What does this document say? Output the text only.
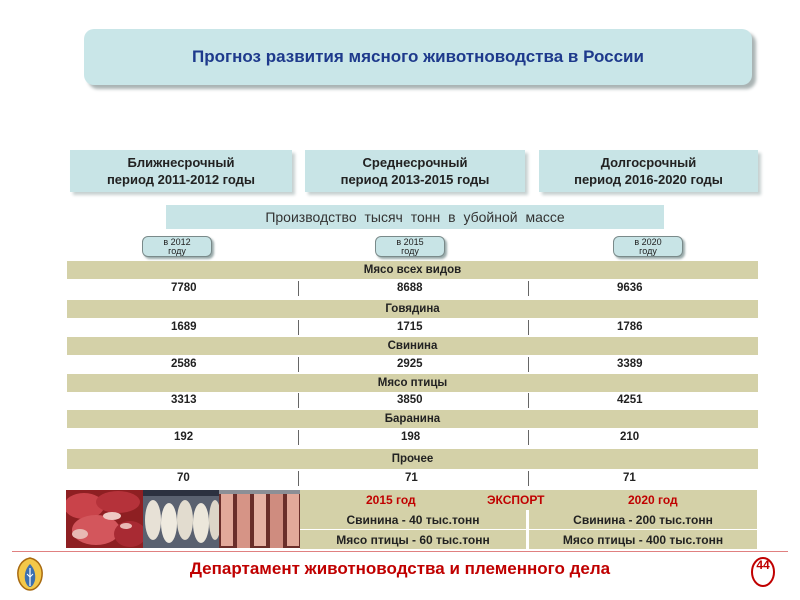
Прогноз развития мясного животноводства в России
Ближнесрочный
период 2011-2012 годы
Среднесрочный
период 2013-2015 годы
Долгосрочный
период 2016-2020 годы
Производство тысяч тонн в убойной массе
в 2012
году
в 2015
году
в 2020
году
Мясо всех видов
7780	8688	9636
Говядина
1689	1715	1786
Свинина
2586	2925	3389
Мясо птицы
3313	3850	4251
Баранина
192	198	210
Прочее
70	71	71
2015 год	ЭКСПОРТ	2020 год
Свинина - 40 тыс.тонн	Свинина - 200 тыс.тонн
Мясо птицы - 60 тыс.тонн	Мясо птицы - 400 тыс.тонн
Департамент животноводства и племенного дела	44
